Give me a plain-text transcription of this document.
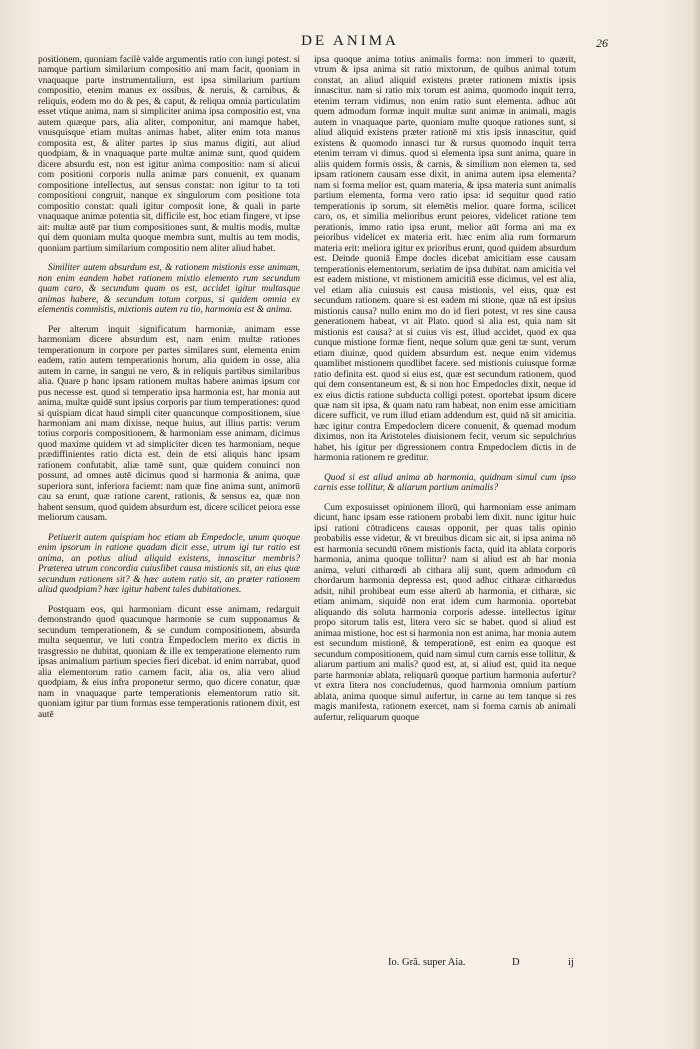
DE ANIMA	26

positionem, quoniam facilè valde argumentis ratio con iungi potest. si namque partium similarium compositio ani mam facit, quoniam in vnaquaque parte instrumentaliurn, est ipsa similarium partium compositio, etenim manus ex ossibus, & neruis, & carnibus, & reliquis, eodem mo do & pes, & caput, & reliqua omnia particulatim esset vtique anima, nam si simpliciter anima ipsa compositio est, vna autem quæque pars, alia aliter, componitur, ani mamque habet, vnusquisque etiam multas animas habet, aliter enim tota manus composita est, & aliter partes ip sius manus digiti, aut aliud quodpiam, & in vnaquaque parte multæ animæ sunt, quod quidem dicere absurdu est, non est igitur anima compositio: nam si alicui com positioni corporis nulla animæ pars conuenit, ex quanam compositione intellectus, aut sensus constat: non igitur to ta toti compositioni congruit, nanque ex singulorum com positione tota compositio constat: quali igitur composit ione, & quali in parte vnaquaque animæ potentia sit, difficile est, hoc etiam fingere, vt ipse ait: multæ autē par tium compositiones sunt, & multis modis, multæ qui dem quoniam multa quoque membra sunt, multis au tem modis, quoniam partium similarium compositio nem aliter aliud habet.

Similiter autem absurdum est, & rationem mistionis esse animam, non enim eandem habet rationem mixtio elemento rum secundum quam caro, & secundum quam os est, accidet igitur multasque animas habere, & secundum totum corpus, si quidem omnia ex elementis commistis, mixtionis autem ra tio, harmonia est & anima.

Per alterum inquit significatum harmoniæ, animam esse harmoniam dicere absurdum est, nam enim multæ rationes temperationum in corpore per partes similares sunt, elementa enim eadem, ratio autem temperationis horum, alia quidem in osse, alia autem in carne, in sangui ne vero, & in reliquis partibus similaribus alia. Quare p hanc ipsam rationem multas habere animas ipsum cor pus necesse est. quod si temperatio ipsa harmonia est, har monia aut anima, multæ quidē sunt ipsius corporis par tium temperationes: quod si quispiam dicat haud simpli citer quancunque compositionem, siue harmoniam ani mam dixisse, neque huius, aut illius partis: verum totius corporis compositionem, & harmoniam esse animam, dicimus quod maxime quidem vt ad simpliciter dicen tes harmoniam, neque prædiffinientes ratio dicta est. dein de etsi aliquis hanc ipsam rationem confutabit, aliæ tamē sunt, quæ quidem conuinci non possunt, ad omnes autē dicimus quod si harmonia & anima, quæ superiora sunt, inferiora faciemt: nam quæ fine anima sunt, animorū cau sa erunt, quæ ratione carent, rationis, & sensus ea, quæ non habent sensum, quod quidem absurdum est, dicere scilicet peiora esse meliorum causam.

Petiuerit autem quispiam hoc etiam ab Empedocle, unum quoque enim ipsorum in ratione quadam dicit esse, utrum igi tur ratio est anima, an potius aliud aliquid existens, innascitur membris? Præterea utrum concordia cuiuslibet causa mistionis sit, an eius quæ secundum rationem sit? & hæc autem ratio sit, an præter rationem aliud quodpiam? hæc igitur habent tales dubitationes.

Postquam eos, qui harmoniam dicunt esse animam, redarguit demonstrando quod quacunque harmonie se cum supponamus & secundum temperationem, & se cundum compositionem, absurda multa sequentur, ve luti contra Empedoclem merito ex dictis in trasgressio ne dubitat, quoniam & ille ex temperatione elemento rum ipsas animalium partium species fieri dicebat. id enim narrabat, quod alia elementorum ratio carnem facit, alia os, alia vero aliud quodpiam, & eius infra proponetur sermo, quo dicere conatur, quæ nam in vnaquaque parte temperationis elementorum ratio sit. quoniam igitur par tium formas esse temperationis rationem dixit, est autē

ipsa quoque anima totius animalis forma: non immeri to quærit, vtrum & ipsa anima sit ratio mixtorum, de quibus animal totum constat, an aliud aliquid existens præter rationem mixtis ipsis innascitur. nam si ratio mix torum est anima, quomodo inquit terra, etenim terram vidimus, non enim ratio sunt elementa. adhuc aūt quem admodum formæ inquit multæ sunt animæ in animali, magis autem in vnaquaque parte, quoniam multe quoque rationes sunt, si aliud aliquid existens præter rationē mi xtis ipsis innascitur, quid existens & quomodo innasci tur & rursus quomodo inquit terra etenim terram vi dimus. quod si elementa ipsa sunt anima, quare in aliis quidem formis ossis, & carnis, & similium non elemen ta, sed ipsam rationem causam esse dixit, in anima autem ipsa elementa? nam si forma melior est, quam materia, & ipsa materia sunt animalis partium elementa, forma vero ratio ipsa: id sequitur quod ratio temperationis ip sorum, sit elemētis melior. quare forma, scilicet caro, os, et similia melioribus erunt peiores, videlicet ratione tem perationis, immo ratio ipsa erunt, melior aūt forma ani ma ex peioribus videlicet ex materia erit. hæc enim alia rum formarum materia erit: meliora igitur ex prioribus erunt, quod quidem absurdum est. Deinde quoniā Empe docles dicebat amicitiam esse causam temperationis elementorum, seriatim de ipsa dubitat. nam amicitia vel est eadem mistione, vt mistionem amicitiā esse dicimus, vel est alia, vel etiam alia cuiusuis est causa mistionis, vel eius, quæ est secundum rationem. quare si est eadem mi stione, quæ nā est ipsius mistionis causa? nullo enim mo do id fieri potest, vt res sine causa generationem habeat, vt ait Plato. quod si alia est, quia nam sit mistionis est causa? at si cuius vis est, illud accidet, quod ex qua cunque mistione formæ fient, neque solum quæ geni tæ sunt, verum etiam diuinæ, quod quidem absurdum est. neque enim videmus quamlibet mistionem quodlibet facere. sed mistionis cuiusque formæ ratio definita est. quod si eius est, quæ est secundum rationem, quod qui dem consentaneum est, & si non hoc Empedocles dixit, neque id ex eius dictis ratione subducta colligi potest. oportebat ipsum dicere quæ nam sit ipsa, & quam natu ram habeat, non enim esse amicitiam dicere sufficit, ve rum illud etiam addendum est, quid nā sit amicitia. hæc igitur contra Empedoclem dicere conuenit, & quemad modum diximus, non ita Aristoteles diuisionem fecit, verum sic sepulchrius habet, his igitur per digressionem contra Empedoclem dictis in de harmonia rationem re greditur.

Quod si est aliud anima ab harmonia, quidnam simul cum ipso carnis esse tollitur, & aliarum partium animalis?

Cum exposuisset opinionem illorū, qui harmoniam esse animam dicunt, hanc ipsam esse rationem probabi lem dixit. nunc igitur huic ipsi rationi cōtradicens causas opponit, per quas talis opinio probabilis esse videtur, & vt breuibus dicam sic ait, si ipsa anima nō est harmonia secundū rōnem mistionis facta, quid ita ablata corporis harmonia, anima quoque tollitur? nam si aliud est ab har monia anima, veluti citharœdi ab cithara alij sunt, quem admodum cū chordarum harmonia depressa est, quod adhuc citharæ citharœdus adsit, nihil prohibeat eum esse alterū ab harmonia, et citharæ, sic etiam animam, siquidē non erat idem cum harmonia. oportebat aliquando dis soluta harmonia corporis adesse. intellectus igitur propo sitorum talis est, litera vero sic se habet. quod si aliud est animaa mistione, hoc est si harmonia non est anima, har monia autem est secundum mistionē, & temperationē, est enim ea quoque est secundum compositionem, quid nam simul cum carnis esse tollitur, & aliarum partium ani malis? quod est, at, si aliud est, quid ita neque parte harmoniæ ablata, reliquarū quoque partium harmonia aufertur? vt extra litera nos concludemus, quod harmonia omnium partium ablata, anima quoque simul aufertur, in carne au tem tanque si res magis manifesta, rationem exercet, nam si forma carnis ab animali aufertur, reliquarum quoque

Io. Grã. super Aia.	D	ij
